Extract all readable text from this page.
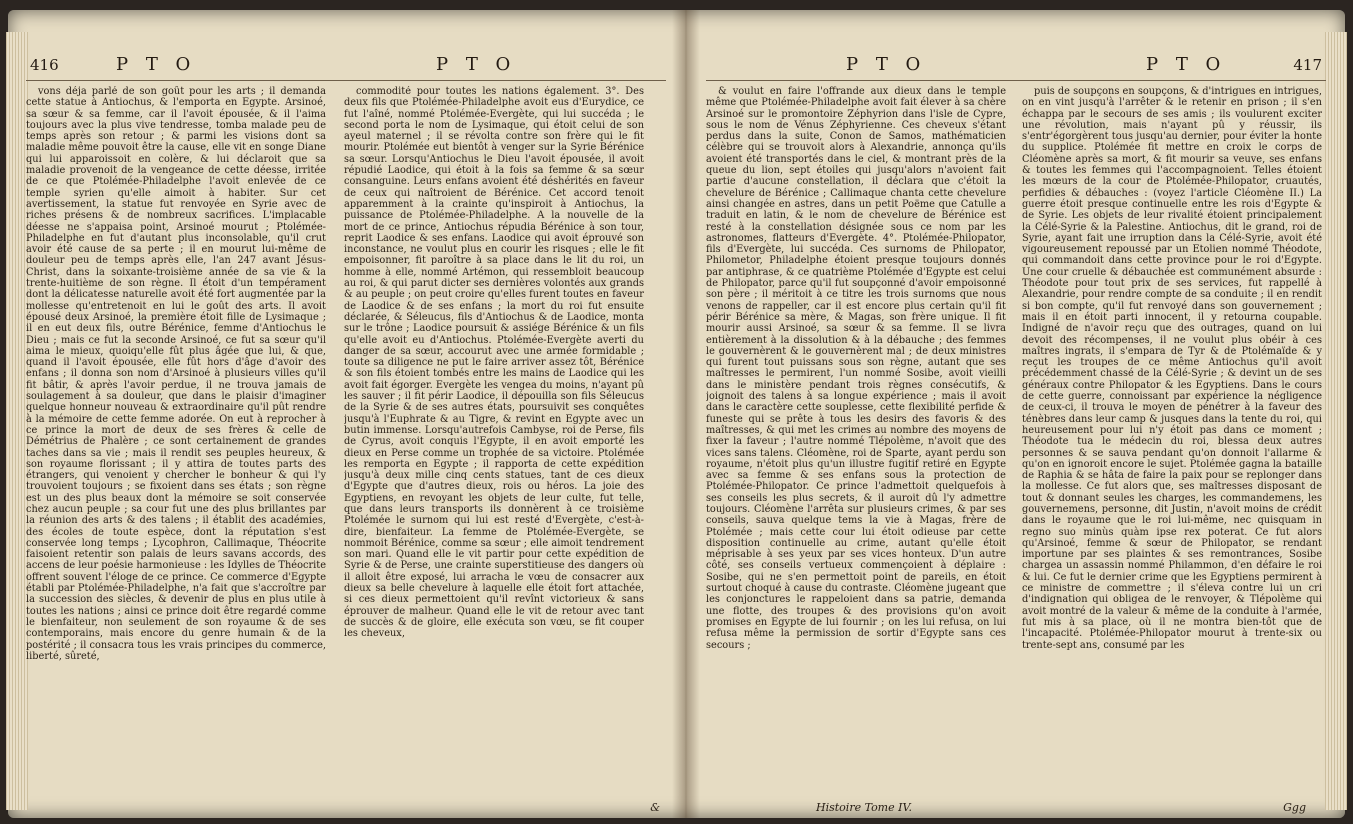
416	P T O	P T O

vons déja parlé de son goût pour les arts ; il demanda cette statue à Antiochus, & l'emporta en Egypte. Arsinoé, sa sœur & sa femme, car il l'avoit épousée, & il l'aima toujours avec la plus vive tendresse, tomba malade peu de temps après son retour ; & parmi les visions dont sa maladie même pouvoit être la cause, elle vit en songe Diane qui lui apparoissoit en colère, & lui déclaroit que sa maladie provenoit de la vengeance de cette déesse, irritée de ce que Ptolémée-Philadelphe l'avoit enlevée de ce temple syrien qu'elle aimoit à habiter. Sur cet avertissement, la statue fut renvoyée en Syrie avec de riches présens & de nombreux sacrifices. L'implacable déesse ne s'appaisa point, Arsinoé mourut ; Ptolémée-Philadelphe en fut d'autant plus inconsolable, qu'il crut avoir été cause de sa perte ; il en mourut lui-même de douleur peu de temps après elle, l'an 247 avant Jésus-Christ, dans la soixante-troisième année de sa vie & la trente-huitième de son règne. Il étoit d'un tempérament dont la délicatesse naturelle avoit été fort augmentée par la mollesse qu'entretenoit en lui le goût des arts. Il avoit épousé deux Arsinoé, la première étoit fille de Lysimaque ; il en eut deux fils, outre Bérénice, femme d'Antiochus le Dieu ; mais ce fut la seconde Arsinoé, ce fut sa sœur qu'il aima le mieux, quoiqu'elle fût plus âgée que lui, & que, quand il l'avoit épousée, elle fût hors d'âge d'avoir des enfans ; il donna son nom d'Arsinoé à plusieurs villes qu'il fit bâtir, & après l'avoir perdue, il ne trouva jamais de soulagement à sa douleur, que dans le plaisir d'imaginer quelque honneur nouveau & extraordinaire qu'il pût rendre à la mémoire de cette femme adorée. On eut à reprocher à ce prince la mort de deux de ses frères & celle de Démétrius de Phalère ; ce sont certainement de grandes taches dans sa vie ; mais il rendit ses peuples heureux, & son royaume florissant ; il y attira de toutes parts des étrangers, qui venoient y chercher le bonheur & qui l'y trouvoient toujours ; se fixoient dans ses états ; son règne est un des plus beaux dont la mémoire se soit conservée chez aucun peuple ; sa cour fut une des plus brillantes par la réunion des arts & des talens ; il établit des académies, des écoles de toute espèce, dont la réputation s'est conservée long temps ; Lycophron, Callimaque, Théocrite faisoient retentir son palais de leurs savans accords, des accens de leur poésie harmonieuse : les Idylles de Théocrite offrent souvent l'éloge de ce prince. Ce commerce d'Egypte établi par Ptolémée-Philadelphe, n'a fait que s'accroître par la succession des siècles, & devenir de plus en plus utile à toutes les nations ; ainsi ce prince doit être regardé comme le bienfaiteur, non seulement de son royaume & de ses contemporains, mais encore du genre humain & de la postérité ; il consacra tous les vrais principes du commerce, liberté, sûreté,

commodité pour toutes les nations également. 3°. Des deux fils que Ptolémée-Philadelphe avoit eus d'Eurydice, ce fut l'aîné, nommé Ptolémée-Evergète, qui lui succéda ; le second porta le nom de Lysimaque, qui étoit celui de son ayeul maternel ; il se révolta contre son frère qui le fit mourir. Ptolémée eut bientôt à venger sur la Syrie Bérénice sa sœur. Lorsqu'Antiochus le Dieu l'avoit épousée, il avoit répudié Laodice, qui étoit à la fois sa femme & sa sœur consanguine. Leurs enfans avoient été déshérités en faveur de ceux qui naîtroient de Bérénice. Cet accord tenoit apparemment à la crainte qu'inspiroit à Antiochus, la puissance de Ptolémée-Philadelphe. A la nouvelle de la mort de ce prince, Antiochus répudia Bérénice à son tour, reprit Laodice & ses enfans. Laodice qui avoit éprouvé son inconstance, ne voulut plus en courir les risques ; elle le fit empoisonner, fit paroître à sa place dans le lit du roi, un homme à elle, nommé Artémon, qui ressembloit beaucoup au roi, & qui parut dicter ses dernières volontés aux grands & au peuple ; on peut croire qu'elles furent toutes en faveur de Laodice & de ses enfans ; la mort du roi fut ensuite déclarée, & Séleucus, fils d'Antiochus & de Laodice, monta sur le trône ; Laodice poursuit & assiége Bérénice & un fils qu'elle avoit eu d'Antiochus. Ptolémée-Evergète averti du danger de sa sœur, accourut avec une armée formidable ; toute sa diligence ne put le faire arriver assez tôt, Bérénice & son fils étoient tombés entre les mains de Laodice qui les avoit fait égorger. Evergète les vengea du moins, n'ayant pû les sauver ; il fit périr Laodice, il dépouilla son fils Séleucus de la Syrie & de ses autres états, poursuivit ses conquêtes jusqu'à l'Euphrate & au Tigre, & revint en Egypte avec un butin immense. Lorsqu'autrefois Cambyse, roi de Perse, fils de Cyrus, avoit conquis l'Egypte, il en avoit emporté les dieux en Perse comme un trophée de sa victoire. Ptolémée les remporta en Egypte ; il rapporta de cette expédition jusqu'à deux mille cinq cents statues, tant de ces dieux d'Egypte que d'autres dieux, rois ou héros. La joie des Egyptiens, en revoyant les objets de leur culte, fut telle, que dans leurs transports ils donnèrent à ce troisième Ptolémée le surnom qui lui est resté d'Evergète, c'est-à-dire, bienfaiteur. La femme de Ptolémée-Evergète, se nommoit Bérénice, comme sa sœur ; elle aimoit tendrement son mari. Quand elle le vit partir pour cette expédition de Syrie & de Perse, une crainte superstitieuse des dangers où il alloit être exposé, lui arracha le vœu de consacrer aux dieux sa belle chevelure à laquelle elle étoit fort attachée, si ces dieux permettoient qu'il revînt victorieux & sans éprouver de malheur. Quand elle le vit de retour avec tant de succès & de gloire, elle exécuta son vœu, se fit couper les cheveux,

&
P T O	P T O	417

& voulut en faire l'offrande aux dieux dans le temple même que Ptolémée-Philadelphe avoit fait élever à sa chère Arsinoé sur le promontoire Zéphyrion dans l'isle de Cypre, sous le nom de Vénus Zéphyrienne. Ces cheveux s'étant perdus dans la suite, Conon de Samos, mathématicien célèbre qui se trouvoit alors à Alexandrie, annonça qu'ils avoient été transportés dans le ciel, & montrant près de la queue du lion, sept étoiles qui jusqu'alors n'avoient fait partie d'aucune constellation, il déclara que c'étoit la chevelure de Bérénice ; Callimaque chanta cette chevelure ainsi changée en astres, dans un petit Poëme que Catulle a traduit en latin, & le nom de chevelure de Bérénice est resté à la constellation désignée sous ce nom par les astronomes, flatteurs d'Evergète. 4°. Ptolémée-Philopator, fils d'Evergète, lui succéda. Ces surnoms de Philopator, Philometor, Philadelphe étoient presque toujours donnés par antiphrase, & ce quatrième Ptolémée d'Egypte est celui de Philopator, parce qu'il fut soupçonné d'avoir empoisonné son père ; il méritoit à ce titre les trois surnoms que nous venons de rappeller, car il est encore plus certain qu'il fit périr Bérénice sa mère, & Magas, son frère unique. Il fit mourir aussi Arsinoé, sa sœur & sa femme. Il se livra entièrement à la dissolution & à la débauche ; des femmes le gouvernèrent & le gouvernèrent mal ; de deux ministres qui furent tout puissans sous son règne, autant que ses maîtresses le permirent, l'un nommé Sosibe, avoit vieilli dans le ministère pendant trois règnes consécutifs, & joignoit des talens à sa longue expérience ; mais il avoit dans le caractère cette souplesse, cette flexibilité perfide & funeste qui se prête à tous les desirs des favoris & des maîtresses, & qui met les crimes au nombre des moyens de fixer la faveur ; l'autre nommé Tlépolème, n'avoit que des vices sans talens. Cléomène, roi de Sparte, ayant perdu son royaume, n'étoit plus qu'un illustre fugitif retiré en Egypte avec sa femme & ses enfans sous la protection de Ptolémée-Philopator. Ce prince l'admettoit quelquefois à ses conseils les plus secrets, & il auroit dû l'y admettre toujours. Cléomène l'arrêta sur plusieurs crimes, & par ses conseils, sauva quelque tems la vie à Magas, frère de Ptolémée ; mais cette cour lui étoit odieuse par cette disposition continuelle au crime, autant qu'elle étoit méprisable à ses yeux par ses vices honteux. D'un autre côté, ses conseils vertueux commençoient à déplaire : Sosibe, qui ne s'en permettoit point de pareils, en étoit surtout choqué à cause du contraste. Cléomène jugeant que les conjonctures le rappeloient dans sa patrie, demanda une flotte, des troupes & des provisions qu'on avoit promises en Egypte de lui fournir ; on les lui refusa, on lui refusa même la permission de sortir d'Egypte sans ces secours ;

puis de soupçons en soupçons, & d'intrigues en intrigues, on en vint jusqu'à l'arrêter & le retenir en prison ; il s'en échappa par le secours de ses amis ; ils voulurent exciter une révolution, mais n'ayant pû y réussir, ils s'entr'égorgèrent tous jusqu'au dernier, pour éviter la honte du supplice. Ptolémée fit mettre en croix le corps de Cléomène après sa mort, & fit mourir sa veuve, ses enfans & toutes les femmes qui l'accompagnoient. Telles étoient les mœurs de la cour de Ptolémée-Philopator, cruautés, perfidies & débauches : (voyez l'article Cléomène II.) La guerre étoit presque continuelle entre les rois d'Egypte & de Syrie. Les objets de leur rivalité étoient principalement la Célé-Syrie & la Palestine. Antiochus, dit le grand, roi de Syrie, ayant fait une irruption dans la Célé-Syrie, avoit été vigoureusement repoussé par un Etolien nommé Théodote, qui commandoit dans cette province pour le roi d'Egypte. Une cour cruelle & débauchée est communément absurde : Théodote pour tout prix de ses services, fut rappellé à Alexandrie, pour rendre compte de sa conduite ; il en rendit si bon compte, qu'il fut renvoyé dans son gouvernement ; mais il en étoit parti innocent, il y retourna coupable. Indigné de n'avoir reçu que des outrages, quand on lui devoit des récompenses, il ne voulut plus obéir à ces maîtres ingrats, il s'empara de Tyr & de Ptolémaïde & y reçut les troupes de ce même Antiochus qu'il avoit précédemment chassé de la Célé-Syrie ; & devint un de ses généraux contre Philopator & les Egyptiens. Dans le cours de cette guerre, connoissant par expérience la négligence de ceux-ci, il trouva le moyen de pénétrer à la faveur des ténèbres dans leur camp & jusques dans la tente du roi, qui heureusement pour lui n'y étoit pas dans ce moment ; Théodote tua le médecin du roi, blessa deux autres personnes & se sauva pendant qu'on donnoit l'allarme & qu'on en ignoroit encore le sujet. Ptolémée gagna la bataille de Raphia & se hâta de faire la paix pour se replonger dans la mollesse. Ce fut alors que, ses maîtresses disposant de tout & donnant seules les charges, les commandemens, les gouvernemens, personne, dit Justin, n'avoit moins de crédit dans le royaume que le roi lui-même, nec quisquam in regno suo minùs quàm ipse rex poterat. Ce fut alors qu'Arsinoé, femme & sœur de Philopator, se rendant importune par ses plaintes & ses remontrances, Sosibe chargea un assassin nommé Philammon, d'en défaire le roi & lui. Ce fut le dernier crime que les Egyptiens permirent à ce ministre de commettre ; il s'éleva contre lui un cri d'indignation qui obligea de le renvoyer, & Tlépolème qui avoit montré de la valeur & même de la conduite à l'armée, fut mis à sa place, où il ne montra bien-tôt que de l'incapacité. Ptolémée-Philopator mourut à trente-six ou trente-sept ans, consumé par les

Histoire Tome IV.	Ggg
